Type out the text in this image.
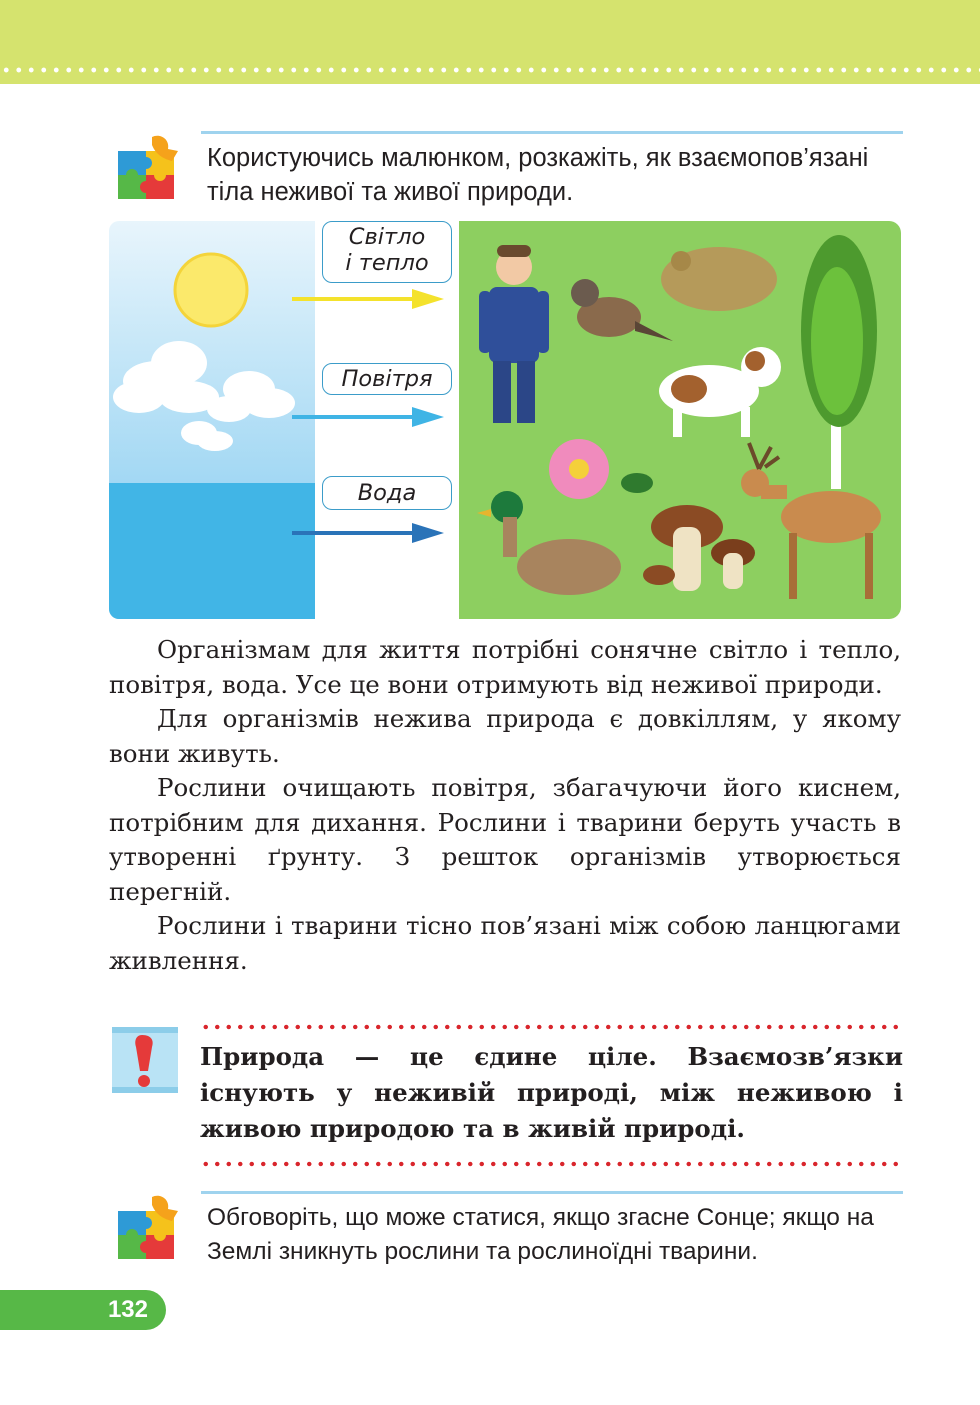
Користуючись малюнком, розкажіть, як взаємопов’язані тіла неживої та живої природи.
Світло
і тепло
Повітря
Вода

Організмам для життя потрібні сонячне світло і тепло, повітря, вода. Усе це вони отримують від неживої природи.

Для організмів нежива природа є довкіллям, у якому вони живуть.

Рослини очищають повітря, збагачуючи його киснем, потрібним для дихання. Рослини і тварини беруть участь в утворенні ґрунту. З решток організмів утворюється перегній.

Рослини і тварини тісно пов’язані між собою ланцюгами живлення.

Природа — це єдине ціле. Взаємозв’язки існують у неживій природі, між неживою і живою природою та в живій природі.
Обговоріть, що може статися, якщо згасне Сонце; якщо на Землі зникнуть рослини та рослиноїдні тварини.
132
